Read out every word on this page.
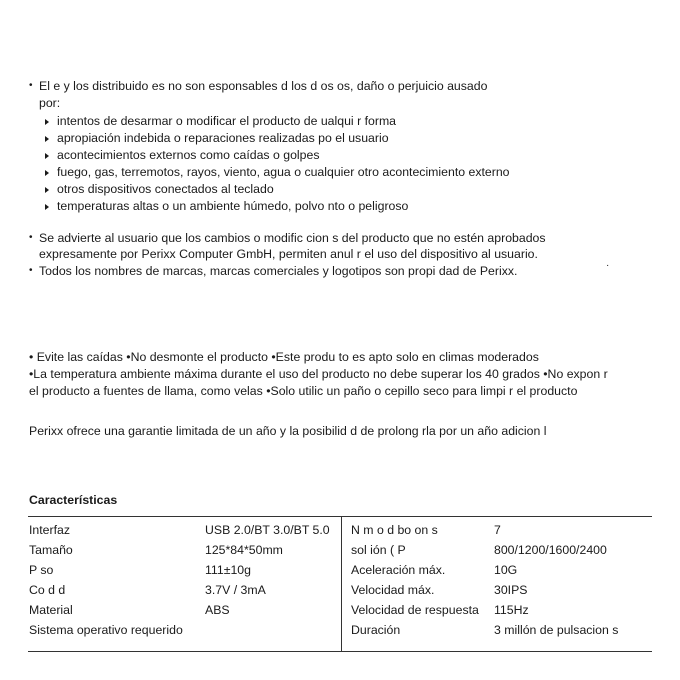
• El e y los distribuido es no son esponsables d los d os os, daño o perjuicio ausado
por:
intentos de desarmar o modificar el producto de ualqui r forma
apropiación indebida o reparaciones realizadas po el usuario
acontecimientos externos como caídas o golpes
fuego, gas, terremotos, rayos, viento, agua o cualquier otro acontecimiento externo
otros dispositivos conectados al teclado
temperaturas altas o un ambiente húmedo, polvo nto o peligroso
• Se advierte al usuario que los cambios o modific cion s del producto que no estén aprobados
expresamente por Perixx Computer GmbH, permiten anul r el uso del dispositivo al usuario.
• Todos los nombres de marcas, marcas comerciales y logotipos son propi dad de Perixx.	·
• Evite las caídas •No desmonte el producto •Este produ to es apto solo en climas moderados
•La temperatura ambiente máxima durante el uso del producto no debe superar los 40 grados •No expon r
el producto a fuentes de llama, como velas •Solo utilic un paño o cepillo seco para limpi r el producto
Perixx ofrece una garantie limitada de un año y la posibilid d de prolong rla por un año adicion l
Características
Interfaz	USB 2.0/BT 3.0/BT 5.0
Tamaño	125*84*50mm
P so	111±10g
Co d d	3.7V / 3mA
Material	ABS
Sistema operativo requerido
N m o d bo on s	7
sol ión ( P	800/1200/1600/2400
Aceleración máx.	10G
Velocidad máx.	30IPS
Velocidad de respuesta 115Hz
Duración	3 millón de pulsacion s
